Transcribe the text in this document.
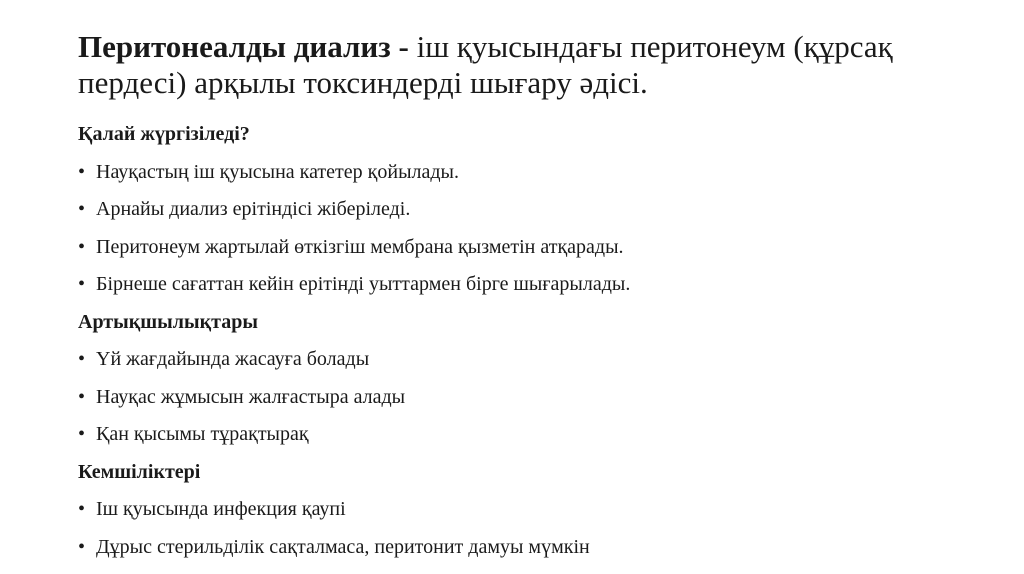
Перитонеалды диализ - іш қуысындағы перитонеум (құрсақ пердесі) арқылы токсиндерді шығару әдісі.

Қалай жүргізіледі?

• Науқастың іш қуысына катетер қойылады.
• Арнайы диализ ерітіндісі жіберіледі.
• Перитонеум жартылай өткізгіш мембрана қызметін атқарады.
• Бірнеше сағаттан кейін ерітінді уыттармен бірге шығарылады.

Артықшылықтары

• Үй жағдайында жасауға болады
• Науқас жұмысын жалғастыра алады
• Қан қысымы тұрақтырақ

Кемшіліктері

• Іш қуысында инфекция қаупі
• Дұрыс стерильділік сақталмаса, перитонит дамуы мүмкін
